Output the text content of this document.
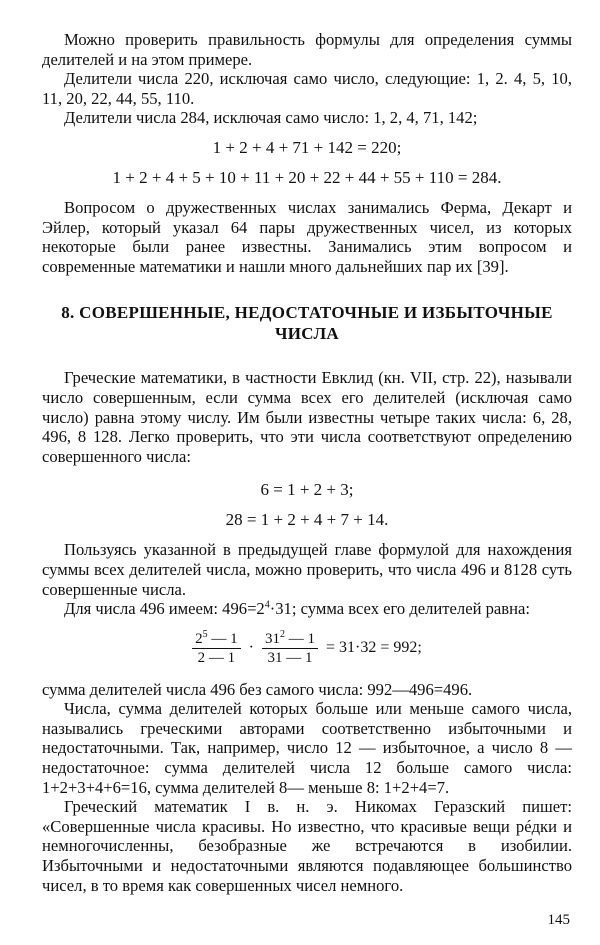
Можно проверить правильность формулы для определения суммы делителей и на этом примере.

Делители числа 220, исключая само число, следующие: 1, 2. 4, 5, 10, 11, 20, 22, 44, 55, 110.

Делители числа 284, исключая само число: 1, 2, 4, 71, 142;

1 + 2 + 4 + 71 + 142 = 220;
1 + 2 + 4 + 5 + 10 + 11 + 20 + 22 + 44 + 55 + 110 = 284.

Вопросом о дружественных числах занимались Ферма, Декарт и Эйлер, который указал 64 пары дружественных чисел, из которых некоторые были ранее известны. Занимались этим вопросом и современные математики и нашли много дальнейших пар их [39].

8. СОВЕРШЕННЫЕ, НЕДОСТАТОЧНЫЕ И ИЗБЫТОЧНЫЕ ЧИСЛА

Греческие математики, в частности Евклид (кн. VII, стр. 22), называли число совершенным, если сумма всех его делителей (исключая само число) равна этому числу. Им были известны четыре таких числа: 6, 28, 496, 8 128. Легко проверить, что эти числа соответствуют определению совершенного числа:

6 = 1 + 2 + 3;
28 = 1 + 2 + 4 + 7 + 14.

Пользуясь указанной в предыдущей главе формулой для нахождения суммы всех делителей числа, можно проверить, что числа 496 и 8128 суть совершенные числа.

Для числа 496 имеем: $496=2^4\cdot 31$; сумма всех его делителей равна:

$\frac{2^5 — 1}{2 — 1} \cdot \frac{31^2 — 1}{31 — 1} = 31\cdot 32 = 992$;

сумма делителей числа 496 без самого числа: 992—496=496.

Числа, сумма делителей которых больше или меньше самого числа, назывались греческими авторами соответственно избыточными и недостаточными. Так, например, число 12 — избыточное, а число 8 — недостаточное: сумма делителей числа 12 больше самого числа: 1+2+3+4+6=16, сумма делителей 8— меньше 8: 1+2+4=7.

Греческий математик I в. н. э. Никомах Геразский пишет: «Совершенные числа красивы. Но известно, что красивые вещи рéдки и немногочисленны, безобразные же встречаются в изобилии. Избыточными и недостаточными являются подавляющее большинство чисел, в то время как совершенных чисел немного.

145
